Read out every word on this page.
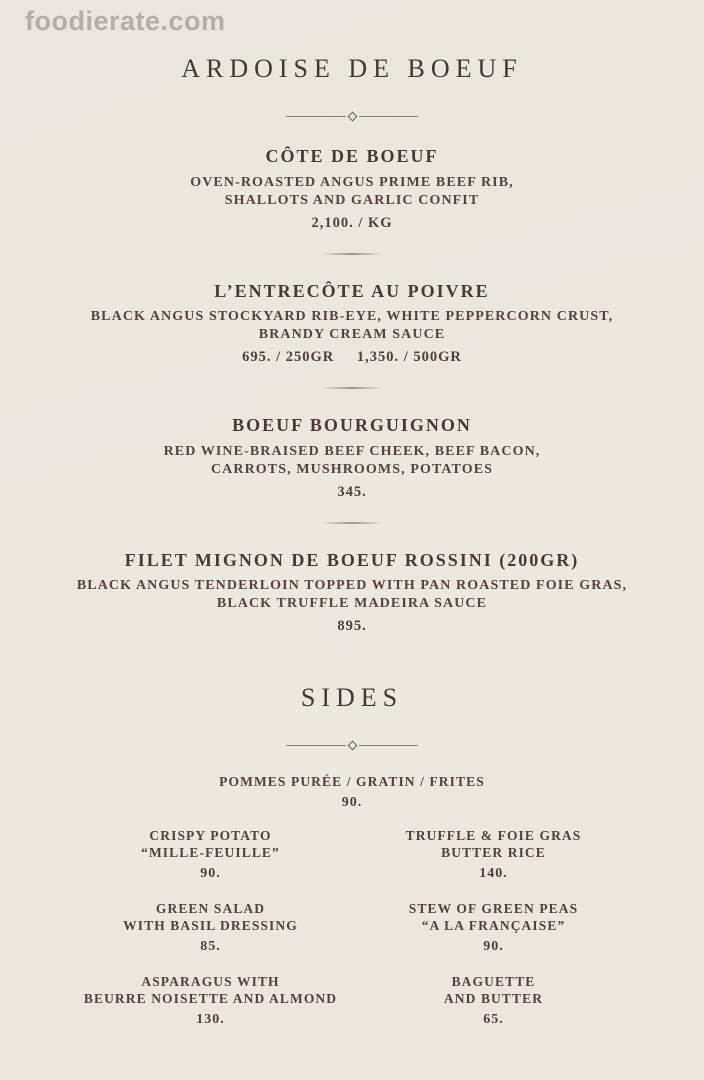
foodierate.com
ARDOISE DE BOEUF
CÔTE DE BOEUF
OVEN-ROASTED ANGUS PRIME BEEF RIB,
SHALLOTS AND GARLIC CONFIT
2,100. / KG
L’ENTRECÔTE AU POIVRE
BLACK ANGUS STOCKYARD RIB-EYE, WHITE PEPPERCORN CRUST,
BRANDY CREAM SAUCE
695. / 250GR 1,350. / 500GR
BOEUF BOURGUIGNON
RED WINE-BRAISED BEEF CHEEK, BEEF BACON,
CARROTS, MUSHROOMS, POTATOES
345.
FILET MIGNON DE BOEUF ROSSINI (200GR)
BLACK ANGUS TENDERLOIN TOPPED WITH PAN ROASTED FOIE GRAS,
BLACK TRUFFLE MADEIRA SAUCE
895.
SIDES
POMMES PURÉE / GRATIN / FRITES
90.
CRISPY POTATO
“MILLE-FEUILLE”
90.
TRUFFLE & FOIE GRAS
BUTTER RICE
140.
GREEN SALAD
WITH BASIL DRESSING
85.
STEW OF GREEN PEAS
“A LA FRANÇAISE”
90.
ASPARAGUS WITH
BEURRE NOISETTE AND ALMOND
130.
BAGUETTE
AND BUTTER
65.
